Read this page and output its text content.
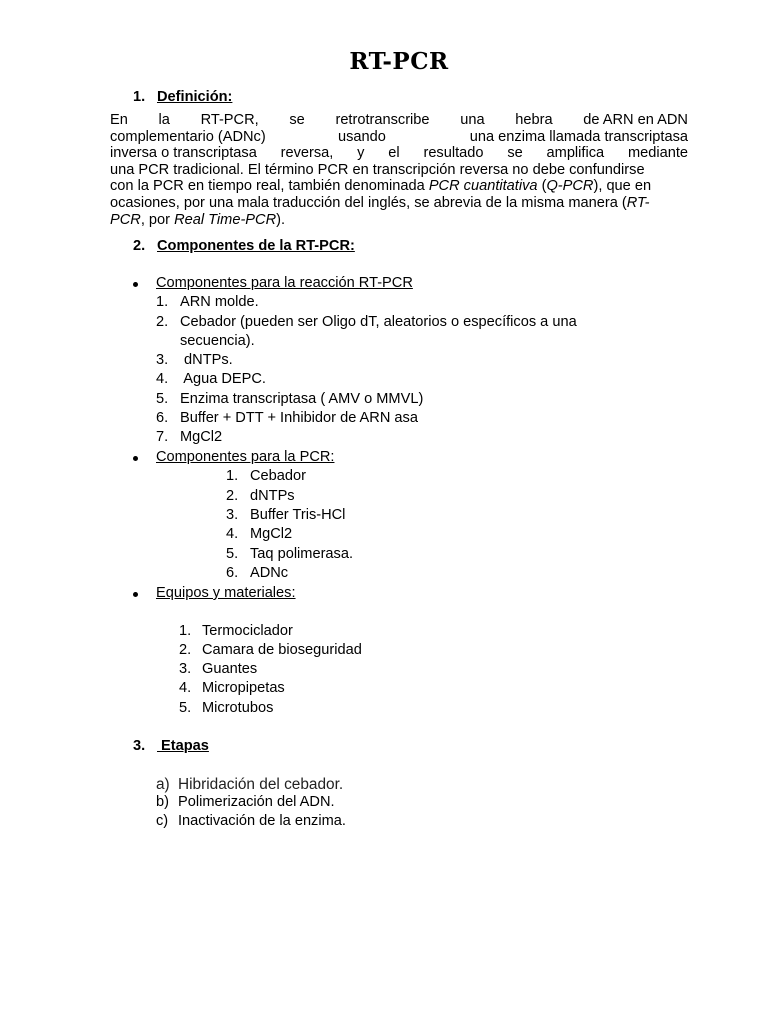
RT-PCR
1. Definición:
En la RT-PCR, se retrotranscribe una hebra de ARN en ADN
complementario (ADNc)	usando	una enzima llamada transcriptasa
inversa o transcriptasa reversa, y el resultado se amplifica mediante
una PCR tradicional. El término PCR en transcripción reversa no debe confundirse
con la PCR en tiempo real, también denominada PCR cuantitativa (Q-PCR), que en
ocasiones, por una mala traducción del inglés, se abrevia de la misma manera (RT-
PCR, por Real Time-PCR).
2. Componentes de la RT-PCR:
Componentes para la reacción RT-PCR
1. ARN molde.
2. Cebador (pueden ser Oligo dT, aleatorios o específicos a una
secuencia).
3. dNTPs.
4. Agua DEPC.
5. Enzima transcriptasa ( AMV o MMVL)
6. Buffer + DTT + Inhibidor de ARN asa
7. MgCl2
Componentes para la PCR:
1. Cebador
2. dNTPs
3. Buffer Tris-HCl
4. MgCl2
5. Taq polimerasa.
6. ADNc
Equipos y materiales:
1. Termociclador
2. Camara de bioseguridad
3. Guantes
4. Micropipetas
5. Microtubos
3. Etapas
a) Hibridación del cebador.
b) Polimerización del ADN.
c) Inactivación de la enzima.
